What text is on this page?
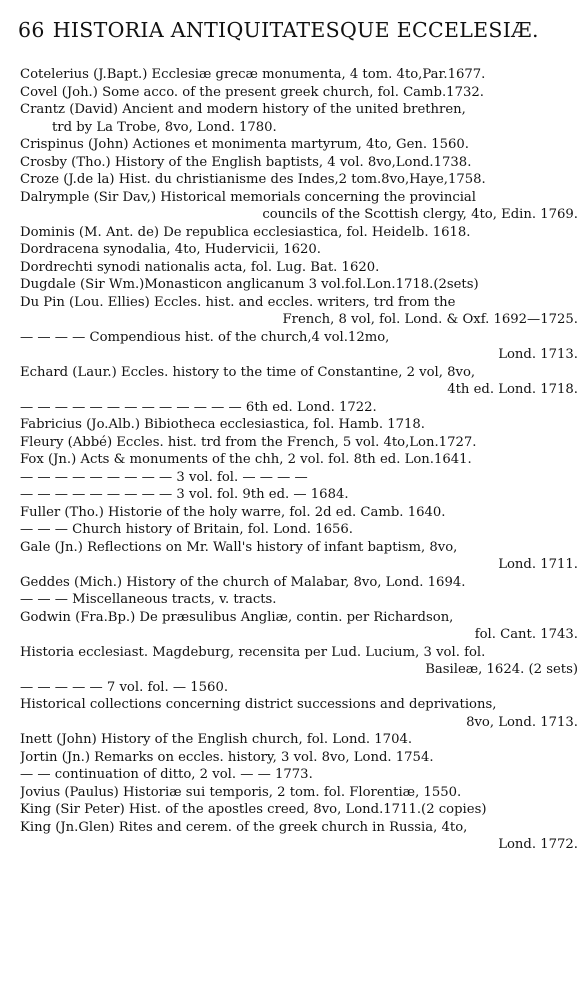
66 HISTORIA ANTIQUITATESQUE ECCELESIÆ.
Cotelerius (J.Bapt.) Ecclesiæ grecæ monumenta, 4 tom. 4to,Par.1677.
Covel (Joh.) Some acco. of the present greek church, fol. Camb.1732.
Crantz (David) Ancient and modern history of the united brethren,
trd by La Trobe, 8vo, Lond. 1780.
Crispinus (John) Actiones et monimenta martyrum, 4to, Gen. 1560.
Crosby (Tho.) History of the English baptists, 4 vol. 8vo,Lond.1738.
Croze (J.de la) Hist. du christianisme des Indes,2 tom.8vo,Haye,1758.
Dalrymple (Sir Dav,) Historical memorials concerning the provincial
councils of the Scottish clergy, 4to, Edin. 1769.
Dominis (M. Ant. de) De republica ecclesiastica, fol. Heidelb. 1618.
Dordracena synodalia, 4to, Hudervicii, 1620.
Dordrechti synodi nationalis acta, fol. Lug. Bat. 1620.
Dugdale (Sir Wm.)Monasticon anglicanum 3 vol.fol.Lon.1718.(2sets)
Du Pin (Lou. Ellies) Eccles. hist. and eccles. writers, trd from the
French, 8 vol, fol. Lond. & Oxf. 1692—1725.
— — — — Compendious hist. of the church,4 vol.12mo,
Lond. 1713.
Echard (Laur.) Eccles. history to the time of Constantine, 2 vol, 8vo,
4th ed. Lond. 1718.
— — — — — — — — — — — — — 6th ed. Lond. 1722.
Fabricius (Jo.Alb.) Bibiotheca ecclesiastica, fol. Hamb. 1718.
Fleury (Abbé) Eccles. hist. trd from the French, 5 vol. 4to,Lon.1727.
Fox (Jn.) Acts & monuments of the chh, 2 vol. fol. 8th ed. Lon.1641.
— — — — — — — — — 3 vol. fol. — — — —
— — — — — — — — — 3 vol. fol. 9th ed. — 1684.
Fuller (Tho.) Historie of the holy warre, fol. 2d ed. Camb. 1640.
— — — Church history of Britain, fol. Lond. 1656.
Gale (Jn.) Reflections on Mr. Wall's history of infant baptism, 8vo,
Lond. 1711.
Geddes (Mich.) History of the church of Malabar, 8vo, Lond. 1694.
— — — Miscellaneous tracts, v. tracts.
Godwin (Fra.Bp.) De præsulibus Angliæ, contin. per Richardson,
fol. Cant. 1743.
Historia ecclesiast. Magdeburg, recensita per Lud. Lucium, 3 vol. fol.
Basileæ, 1624. (2 sets)
— — — — — 7 vol. fol. — 1560.
Historical collections concerning district successions and deprivations,
8vo, Lond. 1713.
Inett (John) History of the English church, fol. Lond. 1704.
Jortin (Jn.) Remarks on eccles. history, 3 vol. 8vo, Lond. 1754.
— — continuation of ditto, 2 vol. — — 1773.
Jovius (Paulus) Historiæ sui temporis, 2 tom. fol. Florentiæ, 1550.
King (Sir Peter) Hist. of the apostles creed, 8vo, Lond.1711.(2 copies)
King (Jn.Glen) Rites and cerem. of the greek church in Russia, 4to,
Lond. 1772.
